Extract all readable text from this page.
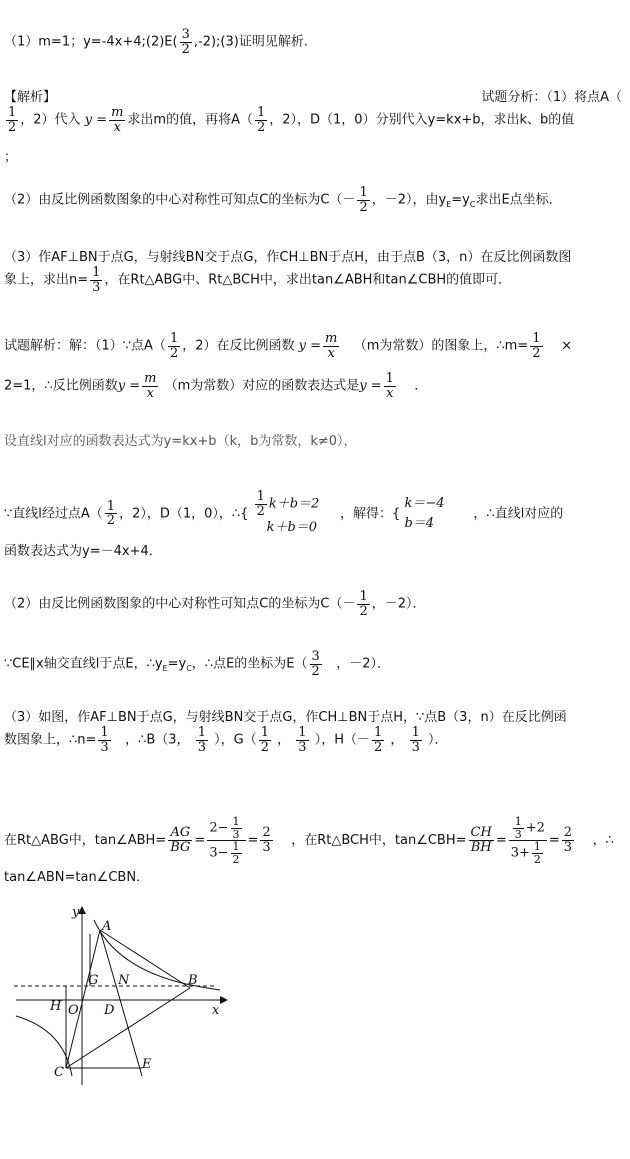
（1）m=1；y=-4x+4;(2)E( $\frac{3}{2}$ ,-2);(3)证明见解析.
【解析】	试题分析：（1）将点A（
$\frac{1}{2}$ ，2）代入 $y = \frac{m}{x}$ 求出m的值，再将$A( \frac{1}{2}$ ，2），D（1，0）分别代入y=kx+b，求出k、b的值
；
（2）由反比例函数图象的中心对称性可知点C的坐标为$C(- \frac{1}{2}$ ，－2），由$y_E=y_C$求出E点坐标．
（3）作AF⊥BN于点G，与射线BN交于点G，作CH⊥BN于点H，由于点B（3，n）在反比例函数图
象上，求出$n= \frac{1}{3}$ ，在Rt△ABG中、Rt△BCH中，求出tan∠ABH和tan∠CBH的值即可．
试题解析：解：（1）∵点$A( \frac{1}{2}$ ，2）在反比例函数 $y = \frac{m}{x} (m$为常数）的图象上，∴m= $\frac{1}{2}$ ×
2=1，∴反比例函数$y = \frac{m}{x} (m$为常数）对应的函数表达式是$y = \frac{1}{x}$ ．
设直线l对应的函数表达式为y=kx+b（k，b为常数，k≠0），
∵直线l经过点$A( \frac{1}{2}$ ，2），D（1，0），∴{ $\frac{1}{2} k+b=2$
k＋b＝0
，解得：{
k＝−4
b＝4
，∴直线l对应的
函数表达式为y=－4x+4．
（2）由反比例函数图象的中心对称性可知点C的坐标为$C(- \frac{1}{2}$ ，－2）．
∵CE∥x轴交直线l于点E，$\therefore y_E=y_C$，∴点E的坐标为$E( \frac{3}{2}$ ，－2）．
（3）如图，作AF⊥BN于点G，与射线BN交于点G，作CH⊥BN于点H，∵点B（3，n）在反比例函
数图象上，∴n= $\frac{1}{3}$ ，∴B（3， $\frac{1}{3}$ ），$G( \frac{1}{2}$ ， $\frac{1}{3}$ ），$H(- \frac{1}{2}$ ， $\frac{1}{3}$ ）．
在Rt△ABG中，tan∠ABH= $\frac{AG}{BG} = \frac{2- \frac{1}{3}}{3- \frac{1}{2}} = \frac{2}{3}$ ，在Rt△BCH中，tan∠CBH= $\frac{CH}{BH} = \frac{\frac{1}{3} +2}{3+ \frac{1}{2}} = \frac{2}{3}$ ，∴
tan∠ABN=tan∠CBN．
y
A
G N	B
H O D	x
C
E
